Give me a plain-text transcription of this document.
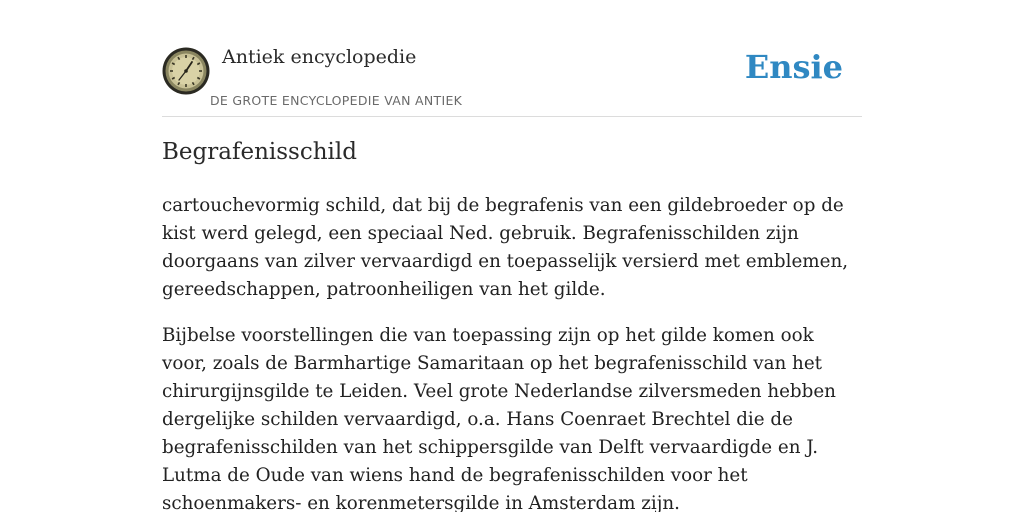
Antiek encyclopedie
DE GROTE ENCYCLOPEDIE VAN ANTIEK
Ensie
Begrafenisschild

cartouchevormig schild, dat bij de begrafenis van een gildebroeder op de kist werd gelegd, een speciaal Ned. gebruik. Begrafenisschilden zijn doorgaans van zilver vervaardigd en toepasselijk versierd met emblemen, gereedschappen, patroonheiligen van het gilde.

Bijbelse voorstellingen die van toepassing zijn op het gilde komen ook voor, zoals de Barmhartige Samaritaan op het begrafenisschild van het chirurgijnsgilde te Leiden. Veel grote Nederlandse zilversmeden hebben dergelijke schilden vervaardigd, o.a. Hans Coenraet Brechtel die de begrafenisschilden van het schippersgilde van Delft vervaardigde en J. Lutma de Oude van wiens hand de begrafenisschilden voor het schoenmakers- en korenmetersgilde in Amsterdam zijn.
